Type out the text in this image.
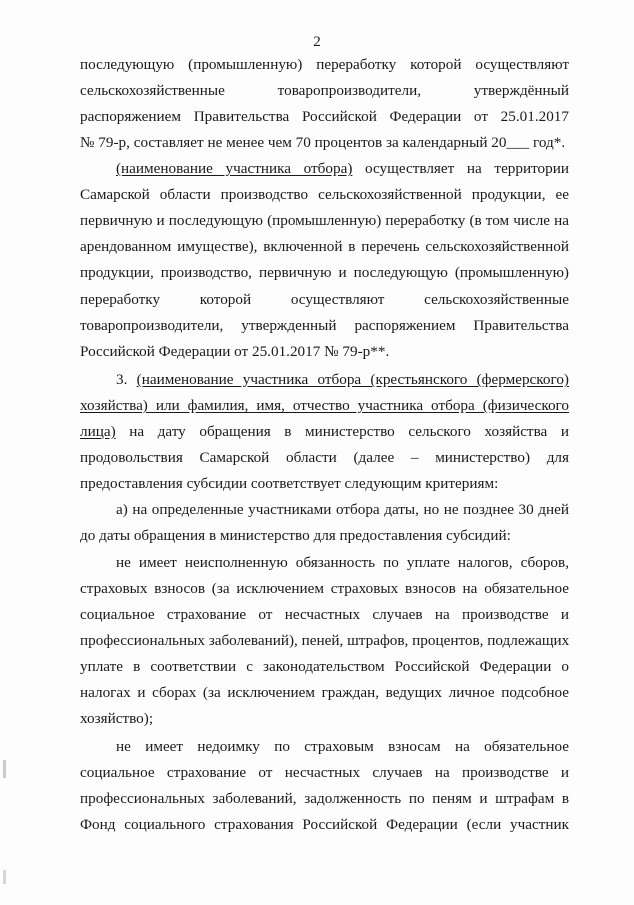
2
последующую (промышленную) переработку которой осуществляют
сельскохозяйственные товаропроизводители, утверждённый
распоряжением Правительства Российской Федерации от 25.01.2017
№ 79-р, составляет не менее чем 70 процентов за календарный 20___ год*.
(наименование участника отбора) осуществляет на территории
Самарской области производство сельскохозяйственной продукции, ее
первичную и последующую (промышленную) переработку (в том числе на
арендованном имуществе), включенной в перечень сельскохозяйственной
продукции, производство, первичную и последующую (промышленную)
переработку которой осуществляют сельскохозяйственные
товаропроизводители, утвержденный распоряжением Правительства
Российской Федерации от 25.01.2017 № 79-р**.
3. (наименование участника отбора (крестьянского (фермерского)
хозяйства) или фамилия, имя, отчество участника отбора (физического
лица) на дату обращения в министерство сельского хозяйства и
продовольствия Самарской области (далее – министерство) для
предоставления субсидии соответствует следующим критериям:
а) на определенные участниками отбора даты, но не позднее 30 дней
до даты обращения в министерство для предоставления субсидий:
не имеет неисполненную обязанность по уплате налогов, сборов,
страховых взносов (за исключением страховых взносов на обязательное
социальное страхование от несчастных случаев на производстве и
профессиональных заболеваний), пеней, штрафов, процентов, подлежащих
уплате в соответствии с законодательством Российской Федерации о
налогах и сборах (за исключением граждан, ведущих личное подсобное
хозяйство);
не имеет недоимку по страховым взносам на обязательное
социальное страхование от несчастных случаев на производстве и
профессиональных заболеваний, задолженность по пеням и штрафам в
Фонд социального страхования Российской Федерации (если участник
